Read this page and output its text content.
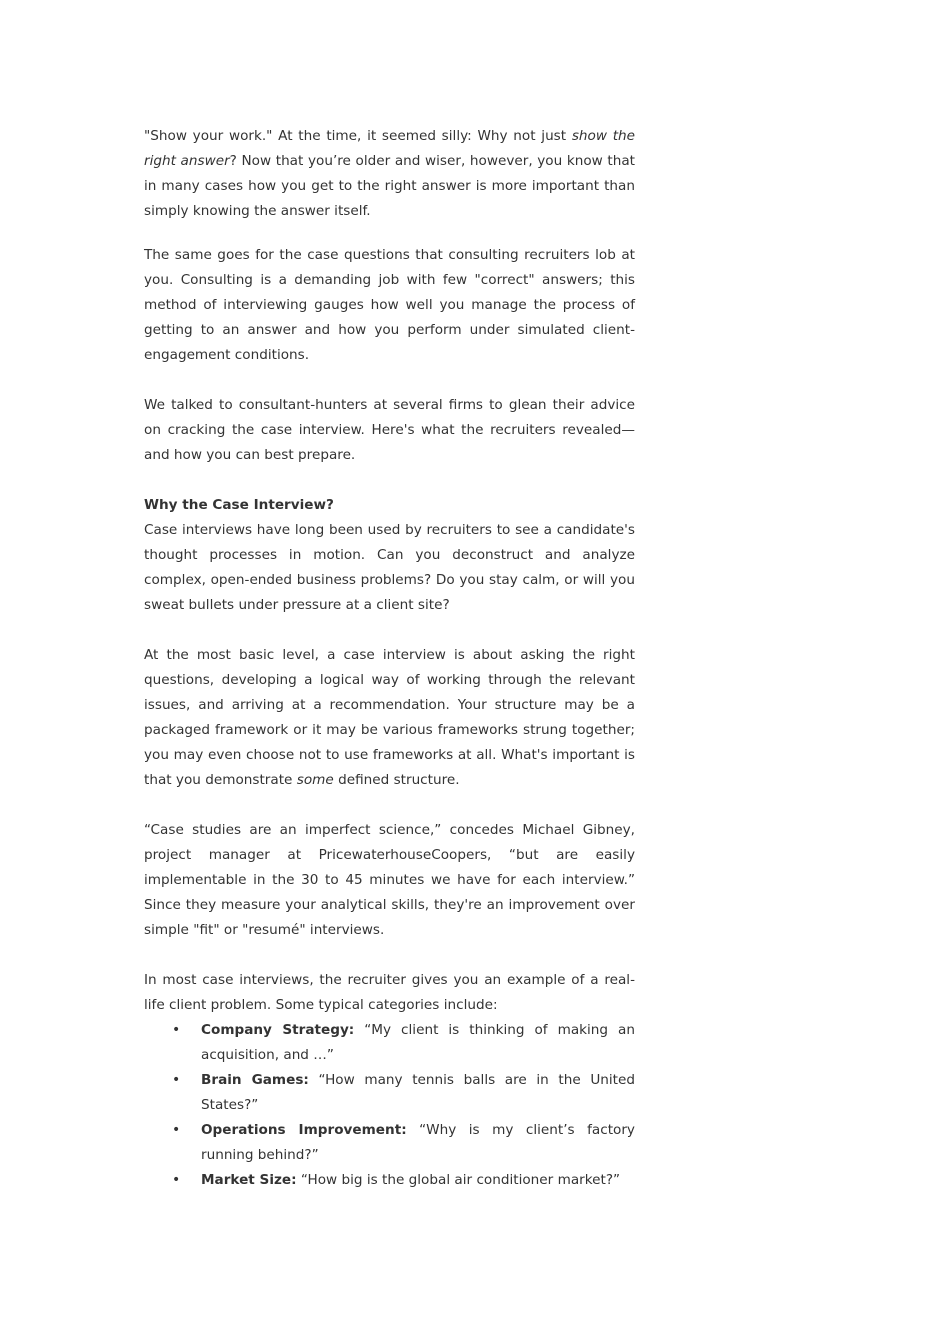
"Show your work." At the time, it seemed silly: Why not just show the right answer? Now that you’re older and wiser, however, you know that in many cases how you get to the right answer is more important than simply knowing the answer itself.

The same goes for the case questions that consulting recruiters lob at you. Consulting is a demanding job with few "correct" answers; this method of interviewing gauges how well you manage the process of getting to an answer and how you perform under simulated client-engagement conditions.

We talked to consultant-hunters at several firms to glean their advice on cracking the case interview. Here's what the recruiters revealed—and how you can best prepare.

Why the Case Interview?

Case interviews have long been used by recruiters to see a candidate's thought processes in motion. Can you deconstruct and analyze complex, open-ended business problems? Do you stay calm, or will you sweat bullets under pressure at a client site?

At the most basic level, a case interview is about asking the right questions, developing a logical way of working through the relevant issues, and arriving at a recommendation. Your structure may be a packaged framework or it may be various frameworks strung together; you may even choose not to use frameworks at all. What's important is that you demonstrate some defined structure.

“Case studies are an imperfect science,” concedes Michael Gibney, project manager at PricewaterhouseCoopers, “but are easily implementable in the 30 to 45 minutes we have for each interview.” Since they measure your analytical skills, they're an improvement over simple "fit" or "resumé" interviews.

In most case interviews, the recruiter gives you an example of a real-life client problem. Some typical categories include:

• Company Strategy: “My client is thinking of making an acquisition, and …”
• Brain Games: “How many tennis balls are in the United States?”
• Operations Improvement: “Why is my client’s factory running behind?”
• Market Size: “How big is the global air conditioner market?”
